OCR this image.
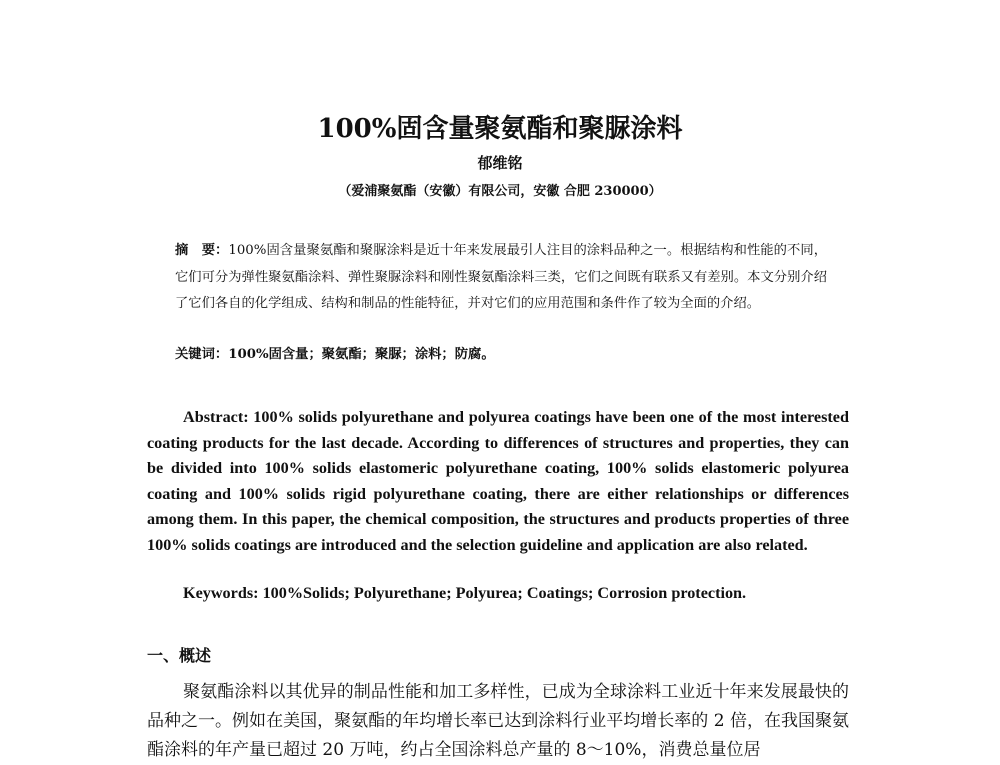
100%固含量聚氨酯和聚脲涂料
郁维铭
（爱浦聚氨酯（安徽）有限公司，安徽 合肥 230000）
摘　要：100%固含量聚氨酯和聚脲涂料是近十年来发展最引人注目的涂料品种之一。根据结构和性能的不同，它们可分为弹性聚氨酯涂料、弹性聚脲涂料和刚性聚氨酯涂料三类，它们之间既有联系又有差别。本文分别介绍了它们各自的化学组成、结构和制品的性能特征，并对它们的应用范围和条件作了较为全面的介绍。
关键词：100%固含量；聚氨酯；聚脲；涂料；防腐。
Abstract: 100% solids polyurethane and polyurea coatings have been one of the most interested coating products for the last decade. According to differences of structures and properties, they can be divided into 100% solids elastomeric polyurethane coating, 100% solids elastomeric polyurea coating and 100% solids rigid polyurethane coating, there are either relationships or differences among them. In this paper, the chemical composition, the structures and products properties of three 100% solids coatings are introduced and the selection guideline and application are also related.
Keywords: 100%Solids; Polyurethane; Polyurea; Coatings; Corrosion protection.
一、概述
聚氨酯涂料以其优异的制品性能和加工多样性，已成为全球涂料工业近十年来发展最快的品种之一。例如在美国，聚氨酯的年均增长率已达到涂料行业平均增长率的 2 倍，在我国聚氨酯涂料的年产量已超过 20 万吨，约占全国涂料总产量的 8～10%，消费总量位居
